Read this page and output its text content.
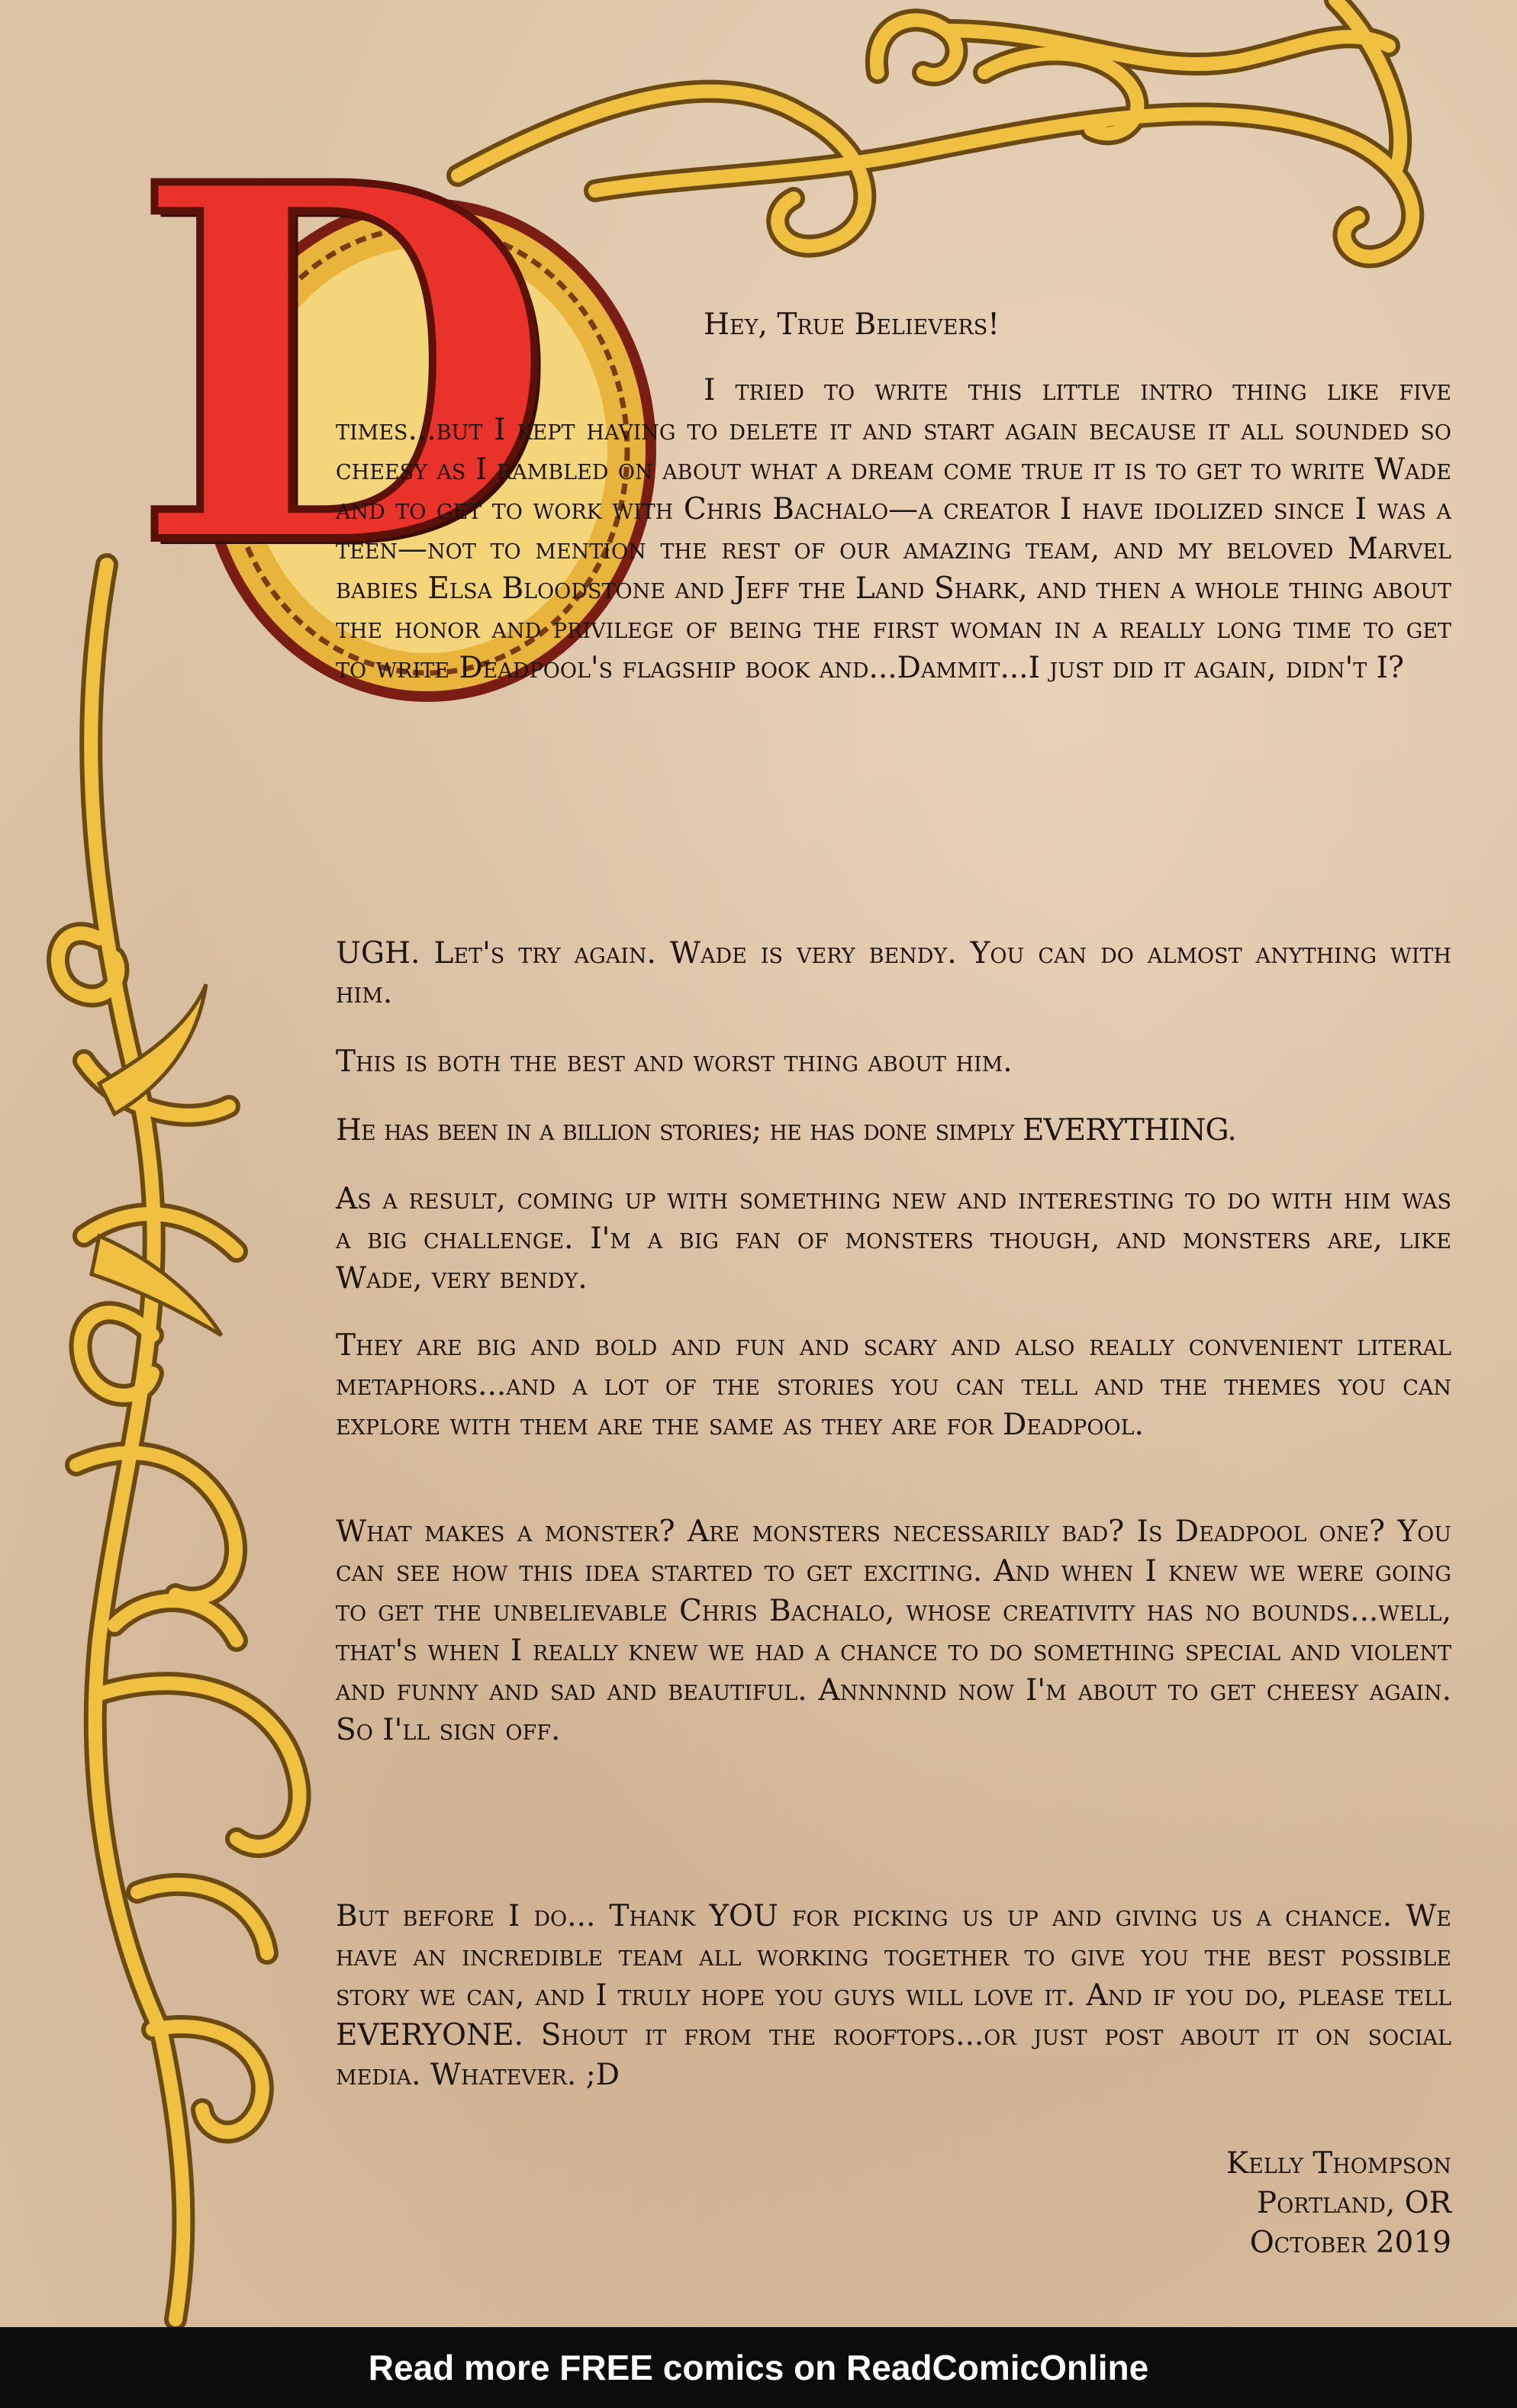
D	Hey, True Believers!

I tried to write this little intro thing like five times...but I kept having to delete it and start again because it all sounded so cheesy as I rambled on about what a dream come true it is to get to write Wade and to get to work with Chris Bachalo—a creator I have idolized since I was a teen—not to mention the rest of our amazing team, and my beloved Marvel babies Elsa Bloodstone and Jeff the Land Shark, and then a whole thing about the honor and privilege of being the first woman in a really long time to get to write Deadpool's flagship book and...Dammit...I just did it again, didn't I?

UGH. Let's try again. Wade is very bendy. You can do almost anything with him.

This is both the best and worst thing about him.

He has been in a billion stories; he has done simply EVERYTHING.

As a result, coming up with something new and interesting to do with him was a big challenge. I'm a big fan of monsters though, and monsters are, like Wade, very bendy.

They are big and bold and fun and scary and also really convenient literal metaphors...and a lot of the stories you can tell and the themes you can explore with them are the same as they are for Deadpool.

What makes a monster? Are monsters necessarily bad? Is Deadpool one? You can see how this idea started to get exciting. And when I knew we were going to get the unbelievable Chris Bachalo, whose creativity has no bounds...well, that's when I really knew we had a chance to do something special and violent and funny and sad and beautiful. Annnnnd now I'm about to get cheesy again. So I'll sign off.

But before I do... Thank YOU for picking us up and giving us a chance. We have an incredible team all working together to give you the best possible story we can, and I truly hope you guys will love it. And if you do, please tell EVERYONE. Shout it from the rooftops...or just post about it on social media. Whatever. ;D

Kelly Thompson

Portland, OR

October 2019

Read more FREE comics on ReadComicOnline
